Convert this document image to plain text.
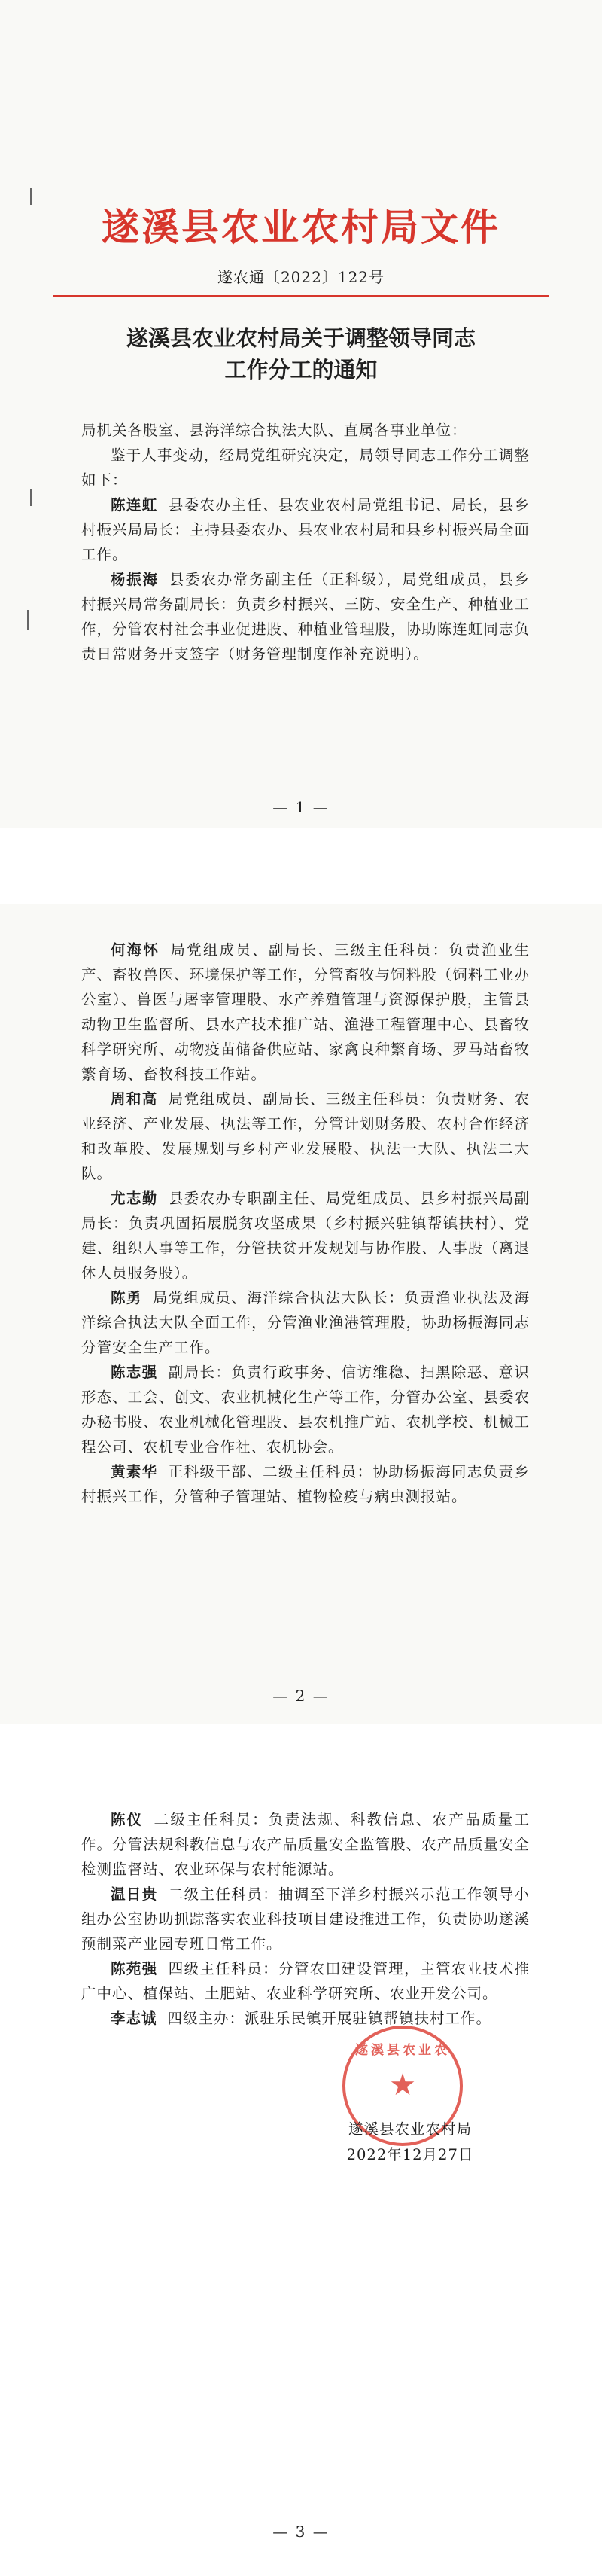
遂溪县农业农村局文件
遂农通〔2022〕122号
遂溪县农业农村局关于调整领导同志
工作分工的通知

局机关各股室、县海洋综合执法大队、直属各事业单位：

鉴于人事变动，经局党组研究决定，局领导同志工作分工调整如下：

陈连虹 县委农办主任、县农业农村局党组书记、局长，县乡村振兴局局长：主持县委农办、县农业农村局和县乡村振兴局全面工作。

杨振海 县委农办常务副主任（正科级），局党组成员，县乡村振兴局常务副局长：负责乡村振兴、三防、安全生产、种植业工作，分管农村社会事业促进股、种植业管理股，协助陈连虹同志负责日常财务开支签字（财务管理制度作补充说明）。

— 1 —

何海怀 局党组成员、副局长、三级主任科员：负责渔业生产、畜牧兽医、环境保护等工作，分管畜牧与饲料股（饲料工业办公室）、兽医与屠宰管理股、水产养殖管理与资源保护股，主管县动物卫生监督所、县水产技术推广站、渔港工程管理中心、县畜牧科学研究所、动物疫苗储备供应站、家禽良种繁育场、罗马站畜牧繁育场、畜牧科技工作站。

周和高 局党组成员、副局长、三级主任科员：负责财务、农业经济、产业发展、执法等工作，分管计划财务股、农村合作经济和改革股、发展规划与乡村产业发展股、执法一大队、执法二大队。

尤志勤 县委农办专职副主任、局党组成员、县乡村振兴局副局长：负责巩固拓展脱贫攻坚成果（乡村振兴驻镇帮镇扶村）、党建、组织人事等工作，分管扶贫开发规划与协作股、人事股（离退休人员服务股）。

陈勇 局党组成员、海洋综合执法大队长：负责渔业执法及海洋综合执法大队全面工作，分管渔业渔港管理股，协助杨振海同志分管安全生产工作。

陈志强 副局长：负责行政事务、信访维稳、扫黑除恶、意识形态、工会、创文、农业机械化生产等工作，分管办公室、县委农办秘书股、农业机械化管理股、县农机推广站、农机学校、机械工程公司、农机专业合作社、农机协会。

黄素华 正科级干部、二级主任科员：协助杨振海同志负责乡村振兴工作，分管种子管理站、植物检疫与病虫测报站。

— 2 —

陈仪 二级主任科员：负责法规、科教信息、农产品质量工作。分管法规科教信息与农产品质量安全监管股、农产品质量安全检测监督站、农业环保与农村能源站。

温日贵 二级主任科员：抽调至下洋乡村振兴示范工作领导小组办公室协助抓踪落实农业科技项目建设推进工作，负责协助遂溪预制菜产业园专班日常工作。

陈苑强 四级主任科员：分管农田建设管理，主管农业技术推广中心、植保站、土肥站、农业科学研究所、农业开发公司。

李志诚 四级主办：派驻乐民镇开展驻镇帮镇扶村工作。

— 3 —
遂溪县农业农
★
遂溪县农业农村局
2022年12月27日
